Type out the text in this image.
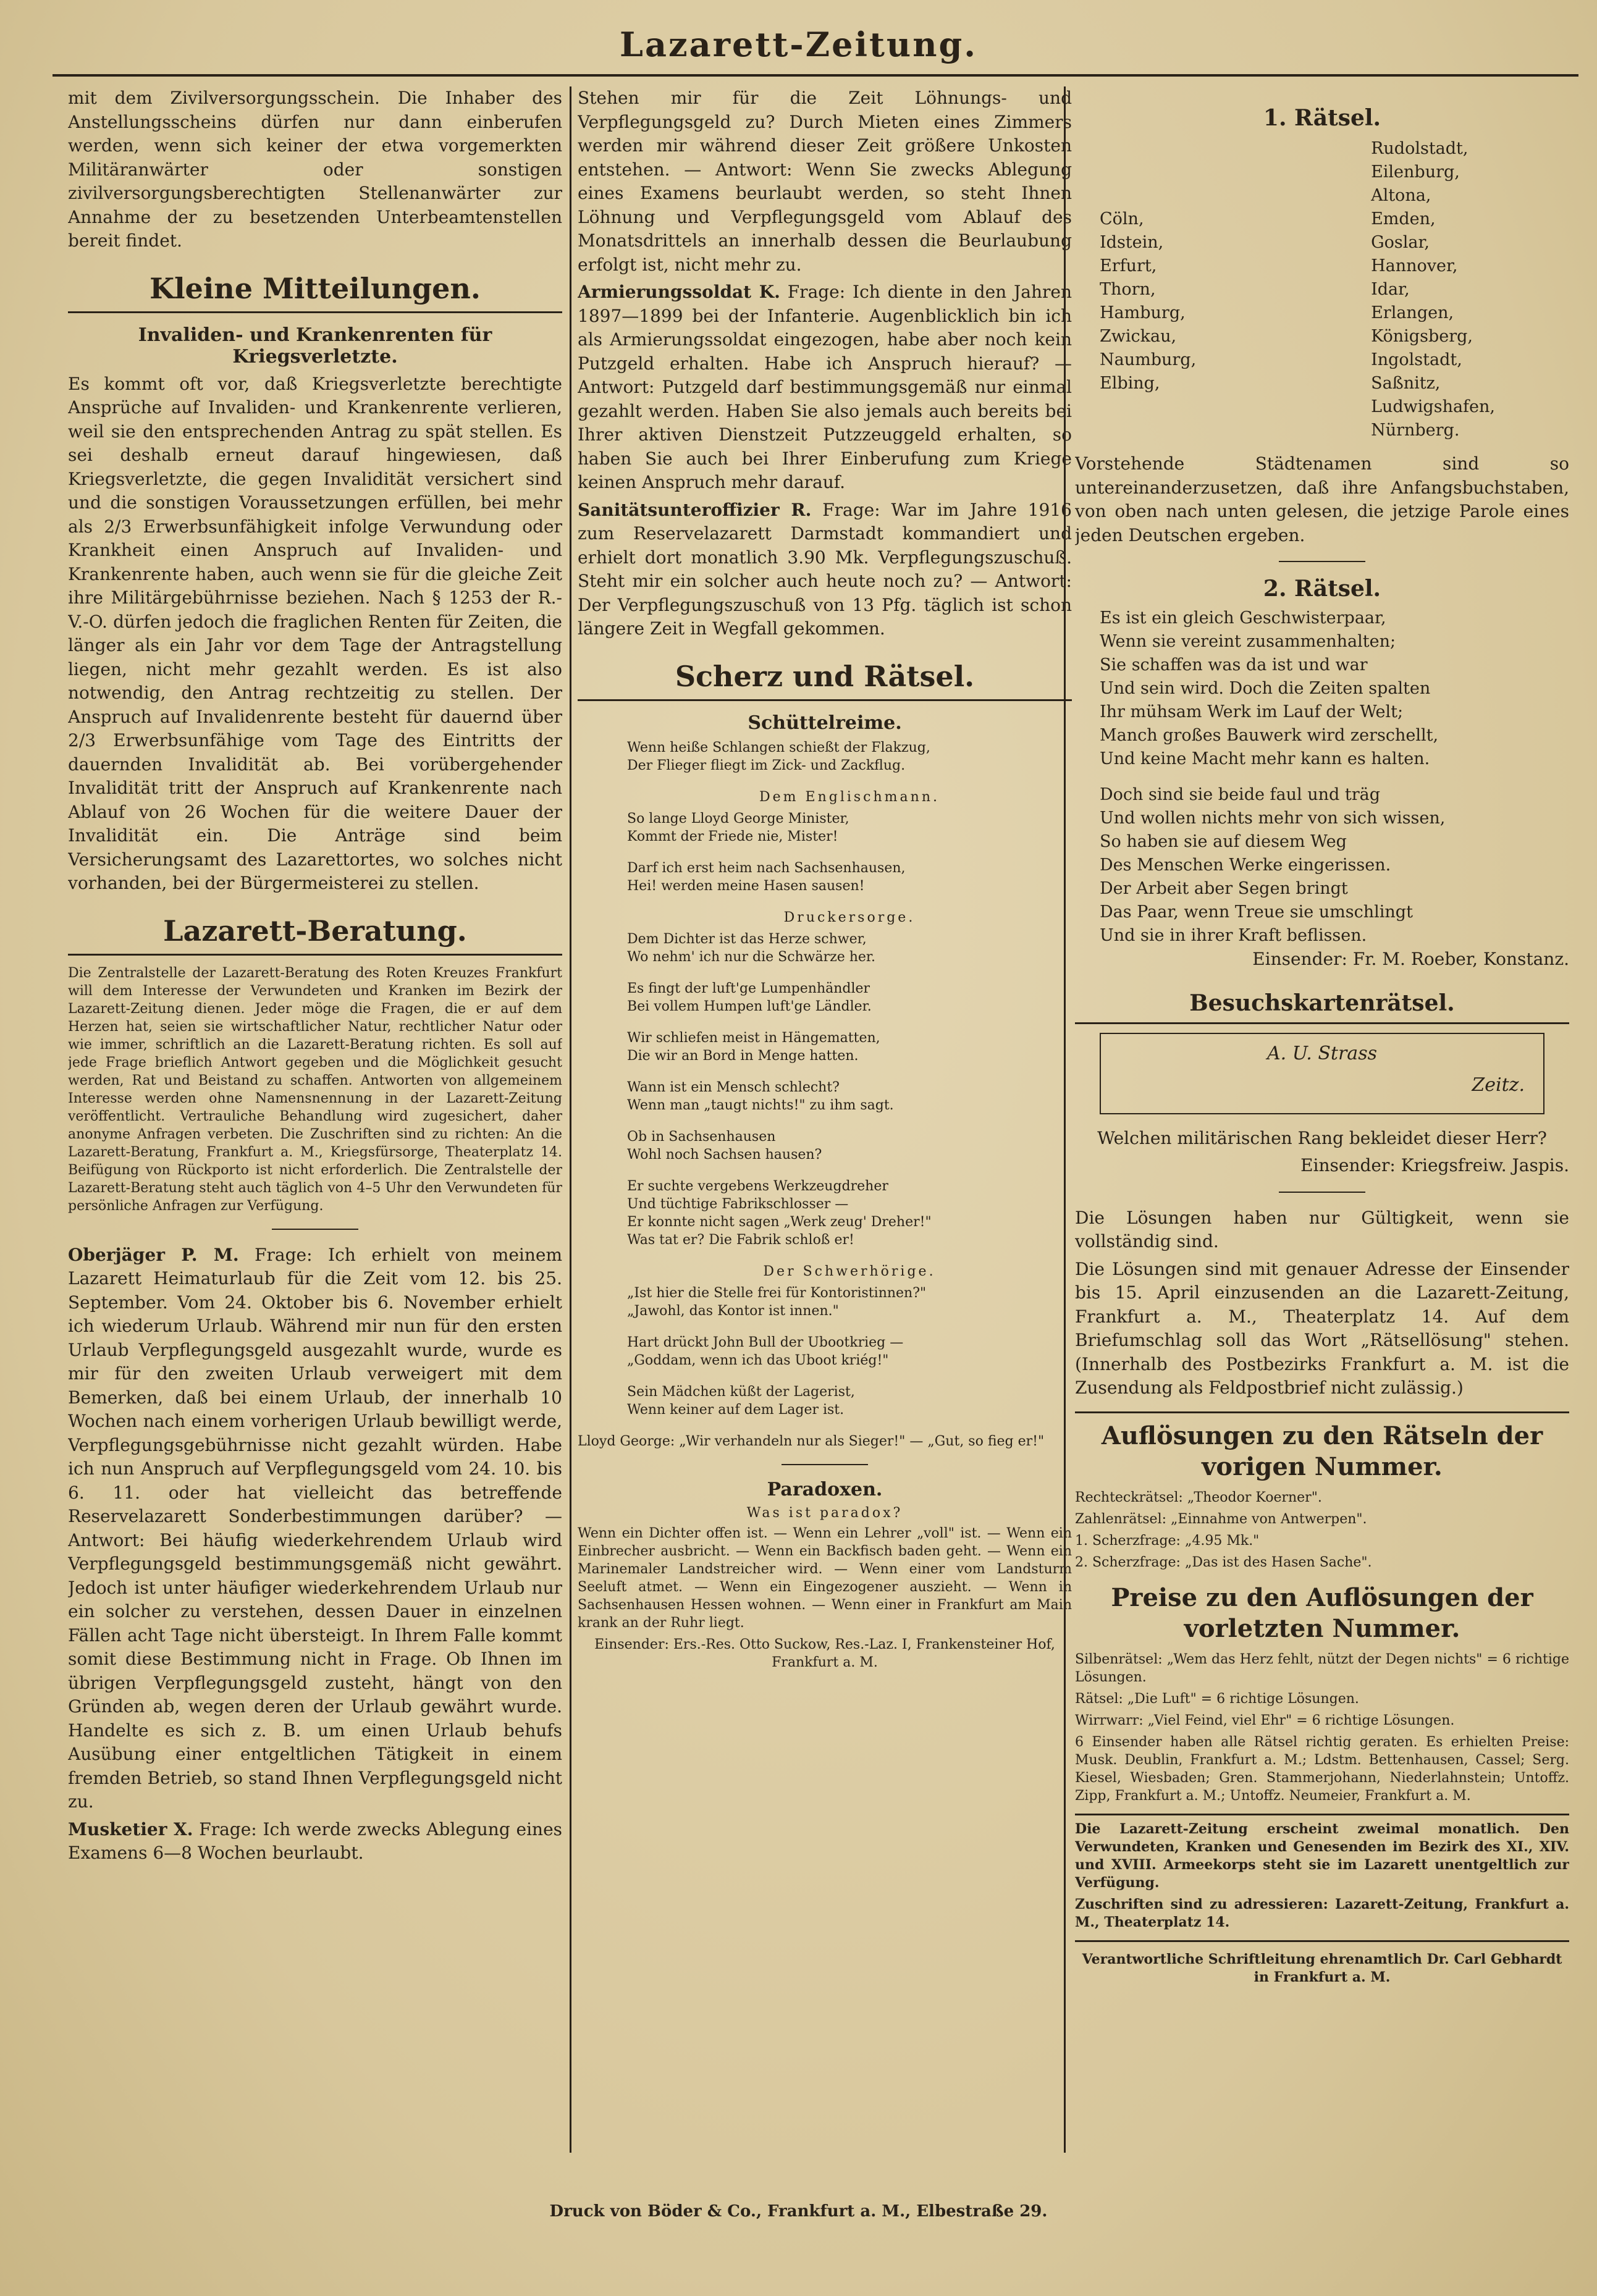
Lazarett-Zeitung.

mit dem Zivilversorgungsschein. Die Inhaber des Anstellungsscheins dürfen nur dann einberufen werden, wenn sich keiner der etwa vorgemerkten Militäranwärter oder sonstigen zivilversorgungsberechtigten Stellenanwärter zur Annahme der zu besetzenden Unterbeamtenstellen bereit findet.

Kleine Mitteilungen.
Invaliden- und Krankenrenten für Kriegsverletzte.

Es kommt oft vor, daß Kriegsverletzte berechtigte Ansprüche auf Invaliden- und Krankenrente verlieren, weil sie den entsprechenden Antrag zu spät stellen. Es sei deshalb erneut darauf hingewiesen, daß Kriegsverletzte, die gegen Invalidität versichert sind und die sonstigen Voraussetzungen erfüllen, bei mehr als 2/3 Erwerbsunfähigkeit infolge Verwundung oder Krankheit einen Anspruch auf Invaliden- und Krankenrente haben, auch wenn sie für die gleiche Zeit ihre Militärgebührnisse beziehen. Nach § 1253 der R.-V.-O. dürfen jedoch die fraglichen Renten für Zeiten, die länger als ein Jahr vor dem Tage der Antragstellung liegen, nicht mehr gezahlt werden. Es ist also notwendig, den Antrag rechtzeitig zu stellen. Der Anspruch auf Invalidenrente besteht für dauernd über 2/3 Erwerbsunfähige vom Tage des Eintritts der dauernden Invalidität ab. Bei vorübergehender Invalidität tritt der Anspruch auf Krankenrente nach Ablauf von 26 Wochen für die weitere Dauer der Invalidität ein. Die Anträge sind beim Versicherungsamt des Lazarettortes, wo solches nicht vorhanden, bei der Bürgermeisterei zu stellen.

Lazarett-Beratung.

Die Zentralstelle der Lazarett-Beratung des Roten Kreuzes Frankfurt will dem Interesse der Verwundeten und Kranken im Bezirk der Lazarett-Zeitung dienen. Jeder möge die Fragen, die er auf dem Herzen hat, seien sie wirtschaftlicher Natur, rechtlicher Natur oder wie immer, schriftlich an die Lazarett-Beratung richten. Es soll auf jede Frage brieflich Antwort gegeben und die Möglichkeit gesucht werden, Rat und Beistand zu schaffen. Antworten von allgemeinem Interesse werden ohne Namensnennung in der Lazarett-Zeitung veröffentlicht. Vertrauliche Behandlung wird zugesichert, daher anonyme Anfragen verbeten. Die Zuschriften sind zu richten: An die Lazarett-Beratung, Frankfurt a. M., Kriegsfürsorge, Theaterplatz 14. Beifügung von Rückporto ist nicht erforderlich. Die Zentralstelle der Lazarett-Beratung steht auch täglich von 4–5 Uhr den Verwundeten für persönliche Anfragen zur Verfügung.

Oberjäger P. M. Frage: Ich erhielt von meinem Lazarett Heimaturlaub für die Zeit vom 12. bis 25. September. Vom 24. Oktober bis 6. November erhielt ich wiederum Urlaub. Während mir nun für den ersten Urlaub Verpflegungsgeld ausgezahlt wurde, wurde es mir für den zweiten Urlaub verweigert mit dem Bemerken, daß bei einem Urlaub, der innerhalb 10 Wochen nach einem vorherigen Urlaub bewilligt werde, Verpflegungsgebührnisse nicht gezahlt würden. Habe ich nun Anspruch auf Verpflegungsgeld vom 24. 10. bis 6. 11. oder hat vielleicht das betreffende Reservelazarett Sonderbestimmungen darüber? — Antwort: Bei häufig wiederkehrendem Urlaub wird Verpflegungsgeld bestimmungsgemäß nicht gewährt. Jedoch ist unter häufiger wiederkehrendem Urlaub nur ein solcher zu verstehen, dessen Dauer in einzelnen Fällen acht Tage nicht übersteigt. In Ihrem Falle kommt somit diese Bestimmung nicht in Frage. Ob Ihnen im übrigen Verpflegungsgeld zusteht, hängt von den Gründen ab, wegen deren der Urlaub gewährt wurde. Handelte es sich z. B. um einen Urlaub behufs Ausübung einer entgeltlichen Tätigkeit in einem fremden Betrieb, so stand Ihnen Verpflegungsgeld nicht zu.

Musketier X. Frage: Ich werde zwecks Ablegung eines Examens 6—8 Wochen beurlaubt.

Stehen mir für die Zeit Löhnungs- und Verpflegungsgeld zu? Durch Mieten eines Zimmers werden mir während dieser Zeit größere Unkosten entstehen. — Antwort: Wenn Sie zwecks Ablegung eines Examens beurlaubt werden, so steht Ihnen Löhnung und Verpflegungsgeld vom Ablauf des Monatsdrittels an innerhalb dessen die Beurlaubung erfolgt ist, nicht mehr zu.

Armierungssoldat K. Frage: Ich diente in den Jahren 1897—1899 bei der Infanterie. Augenblicklich bin ich als Armierungssoldat eingezogen, habe aber noch kein Putzgeld erhalten. Habe ich Anspruch hierauf? — Antwort: Putzgeld darf bestimmungsgemäß nur einmal gezahlt werden. Haben Sie also jemals auch bereits bei Ihrer aktiven Dienstzeit Putzzeuggeld erhalten, so haben Sie auch bei Ihrer Einberufung zum Kriege keinen Anspruch mehr darauf.

Sanitätsunteroffizier R. Frage: War im Jahre 1916 zum Reservelazarett Darmstadt kommandiert und erhielt dort monatlich 3.90 Mk. Verpflegungszuschuß. Steht mir ein solcher auch heute noch zu? — Antwort: Der Verpflegungszuschuß von 13 Pfg. täglich ist schon längere Zeit in Wegfall gekommen.

Scherz und Rätsel.
Schüttelreime.
Wenn heiße Schlangen schießt der Flakzug,
Der Flieger fliegt im Zick- und Zackflug.
Dem Englischmann.
So lange Lloyd George Minister,
Kommt der Friede nie, Mister!
Darf ich erst heim nach Sachsenhausen,
Hei! werden meine Hasen sausen!
Druckersorge.
Dem Dichter ist das Herze schwer,
Wo nehm' ich nur die Schwärze her.
Es fingt der luft'ge Lumpenhändler
Bei vollem Humpen luft'ge Ländler.
Wir schliefen meist in Hängematten,
Die wir an Bord in Menge hatten.
Wann ist ein Mensch schlecht?
Wenn man „taugt nichts!" zu ihm sagt.
Ob in Sachsenhausen
Wohl noch Sachsen hausen?
Er suchte vergebens Werkzeugdreher
Und tüchtige Fabrikschlosser —
Er konnte nicht sagen „Werk zeug' Dreher!"
Was tat er? Die Fabrik schloß er!
Der Schwerhörige.
„Ist hier die Stelle frei für Kontoristinnen?"
„Jawohl, das Kontor ist innen."
Hart drückt John Bull der Ubootkrieg —
„Goddam, wenn ich das Uboot kriég!"
Sein Mädchen küßt der Lagerist,
Wenn keiner auf dem Lager ist.

Lloyd George: „Wir verhandeln nur als Sieger!" — „Gut, so fieg er!"

Paradoxen.
Was ist paradox?

Wenn ein Dichter offen ist. — Wenn ein Lehrer „voll" ist. — Wenn ein Einbrecher ausbricht. — Wenn ein Backfisch baden geht. — Wenn ein Marinemaler Landstreicher wird. — Wenn einer vom Landsturm Seeluft atmet. — Wenn ein Eingezogener auszieht. — Wenn in Sachsenhausen Hessen wohnen. — Wenn einer in Frankfurt am Main krank an der Ruhr liegt.

Einsender: Ers.-Res. Otto Suckow, Res.-Laz. I, Frankensteiner Hof, Frankfurt a. M.

1. Rätsel.
Cöln,
Idstein,
Erfurt,
Thorn,
Hamburg,
Zwickau,
Naumburg,
Elbing,
Rudolstadt,
Eilenburg,
Altona,
Emden,
Goslar,
Hannover,
Idar,
Erlangen,
Königsberg,
Ingolstadt,
Saßnitz,
Ludwigshafen,
Nürnberg.

Vorstehende Städtenamen sind so untereinanderzusetzen, daß ihre Anfangsbuchstaben, von oben nach unten gelesen, die jetzige Parole eines jeden Deutschen ergeben.

2. Rätsel.
Es ist ein gleich Geschwisterpaar,
Wenn sie vereint zusammenhalten;
Sie schaffen was da ist und war
Und sein wird. Doch die Zeiten spalten
Ihr mühsam Werk im Lauf der Welt;
Manch großes Bauwerk wird zerschellt,
Und keine Macht mehr kann es halten.
Doch sind sie beide faul und träg
Und wollen nichts mehr von sich wissen,
So haben sie auf diesem Weg
Des Menschen Werke eingerissen.
Der Arbeit aber Segen bringt
Das Paar, wenn Treue sie umschlingt
Und sie in ihrer Kraft beflissen.

Einsender: Fr. M. Roeber, Konstanz.

Besuchskartenrätsel.
A. U. Strass
Zeitz.

Welchen militärischen Rang bekleidet dieser Herr?

Einsender: Kriegsfreiw. Jaspis.

Die Lösungen haben nur Gültigkeit, wenn sie vollständig sind.

Die Lösungen sind mit genauer Adresse der Einsender bis 15. April einzusenden an die Lazarett-Zeitung, Frankfurt a. M., Theaterplatz 14. Auf dem Briefumschlag soll das Wort „Rätsellösung" stehen. (Innerhalb des Postbezirks Frankfurt a. M. ist die Zusendung als Feldpostbrief nicht zulässig.)

Auflösungen zu den Rätseln der vorigen Nummer.

Rechteckrätsel: „Theodor Koerner".

Zahlenrätsel: „Einnahme von Antwerpen".

1. Scherzfrage: „4.95 Mk."

2. Scherzfrage: „Das ist des Hasen Sache".

Preise zu den Auflösungen der vorletzten Nummer.

Silbenrätsel: „Wem das Herz fehlt, nützt der Degen nichts" = 6 richtige Lösungen.

Rätsel: „Die Luft" = 6 richtige Lösungen.

Wirrwarr: „Viel Feind, viel Ehr" = 6 richtige Lösungen.

6 Einsender haben alle Rätsel richtig geraten. Es erhielten Preise: Musk. Deublin, Frankfurt a. M.; Ldstm. Bettenhausen, Cassel; Serg. Kiesel, Wiesbaden; Gren. Stammerjohann, Niederlahnstein; Untoffz. Zipp, Frankfurt a. M.; Untoffz. Neumeier, Frankfurt a. M.

Die Lazarett-Zeitung erscheint zweimal monatlich. Den Verwundeten, Kranken und Genesenden im Bezirk des XI., XIV. und XVIII. Armeekorps steht sie im Lazarett unentgeltlich zur Verfügung.

Zuschriften sind zu adressieren: Lazarett-Zeitung, Frankfurt a. M., Theaterplatz 14.

Verantwortliche Schriftleitung ehrenamtlich Dr. Carl Gebhardt in Frankfurt a. M.

Druck von Böder & Co., Frankfurt a. M., Elbestraße 29.
